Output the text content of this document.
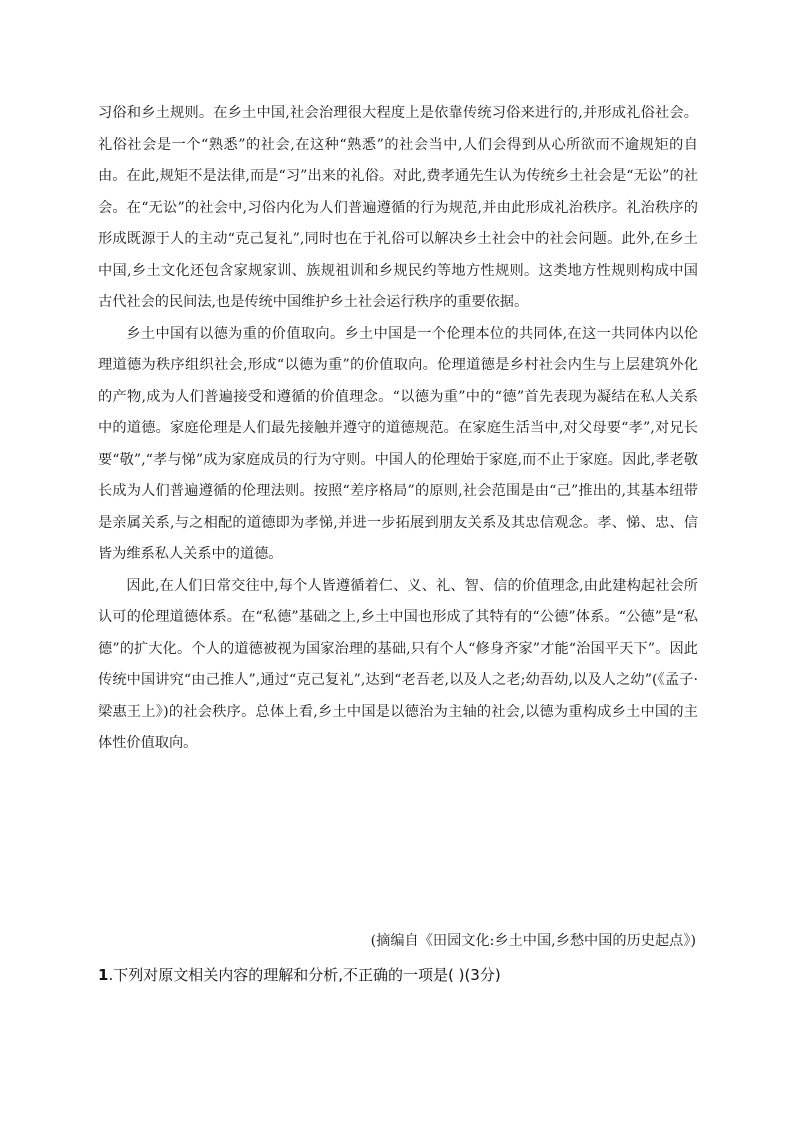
习俗和乡土规则。在乡土中国,社会治理很大程度上是依靠传统习俗来进行的,并形成礼俗社会。礼俗社会是一个“熟悉”的社会,在这种“熟悉”的社会当中,人们会得到从心所欲而不逾规矩的自由。在此,规矩不是法律,而是“习”出来的礼俗。对此,费孝通先生认为传统乡土社会是“无讼”的社会。在“无讼”的社会中,习俗内化为人们普遍遵循的行为规范,并由此形成礼治秩序。礼治秩序的形成既源于人的主动“克己复礼”,同时也在于礼俗可以解决乡土社会中的社会问题。此外,在乡土中国,乡土文化还包含家规家训、族规祖训和乡规民约等地方性规则。这类地方性规则构成中国古代社会的民间法,也是传统中国维护乡土社会运行秩序的重要依据。

乡土中国有以德为重的价值取向。乡土中国是一个伦理本位的共同体,在这一共同体内以伦理道德为秩序组织社会,形成“以德为重”的价值取向。伦理道德是乡村社会内生与上层建筑外化的产物,成为人们普遍接受和遵循的价值理念。“以德为重”中的“德”首先表现为凝结在私人关系中的道德。家庭伦理是人们最先接触并遵守的道德规范。在家庭生活当中,对父母要“孝”,对兄长要“敬”,“孝与悌”成为家庭成员的行为守则。中国人的伦理始于家庭,而不止于家庭。因此,孝老敬长成为人们普遍遵循的伦理法则。按照“差序格局”的原则,社会范围是由“己”推出的,其基本纽带是亲属关系,与之相配的道德即为孝悌,并进一步拓展到朋友关系及其忠信观念。孝、悌、忠、信皆为维系私人关系中的道德。

因此,在人们日常交往中,每个人皆遵循着仁、义、礼、智、信的价值理念,由此建构起社会所认可的伦理道德体系。在“私德”基础之上,乡土中国也形成了其特有的“公德”体系。“公德”是“私德”的扩大化。个人的道德被视为国家治理的基础,只有个人“修身齐家”才能“治国平天下”。因此传统中国讲究“由己推人”,通过“克己复礼”,达到“老吾老,以及人之老;幼吾幼,以及人之幼”(《孟子·梁惠王上》)的社会秩序。总体上看,乡土中国是以德治为主轴的社会,以德为重构成乡土中国的主体性价值取向。

(摘编自《田园文化:乡土中国,乡愁中国的历史起点》)
1.下列对原文相关内容的理解和分析,不正确的一项是( )(3分)
